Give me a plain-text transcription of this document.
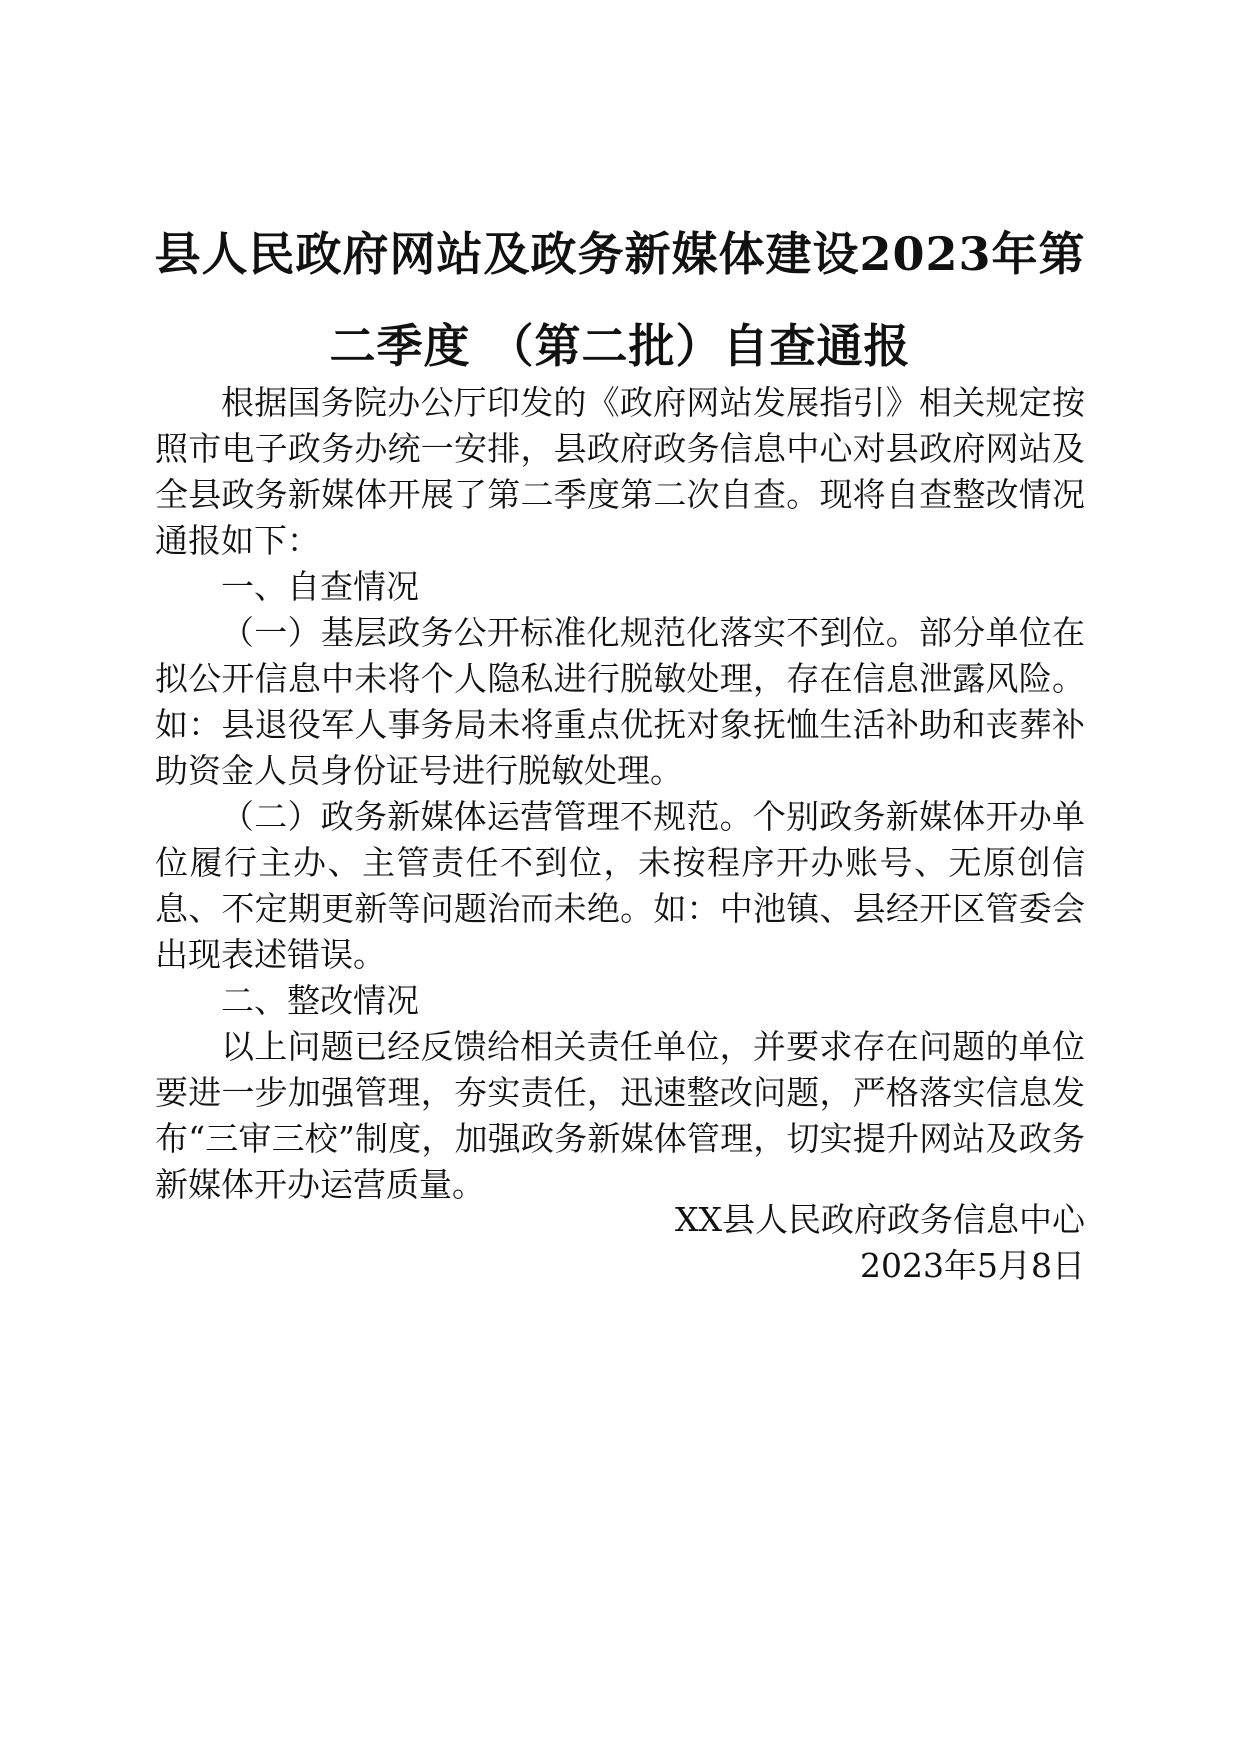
县人民政府网站及政务新媒体建设2023年第
二季度 （第二批）自查通报

根据国务院办公厅印发的《政府网站发展指引》相关规定按照市电子政务办统一安排，县政府政务信息中心对县政府网站及全县政务新媒体开展了第二季度第二次自查。现将自查整改情况通报如下：

一、自查情况

（一）基层政务公开标准化规范化落实不到位。部分单位在拟公开信息中未将个人隐私进行脱敏处理，存在信息泄露风险。如：县退役军人事务局未将重点优抚对象抚恤生活补助和丧葬补助资金人员身份证号进行脱敏处理。

（二）政务新媒体运营管理不规范。个别政务新媒体开办单位履行主办、主管责任不到位，未按程序开办账号、无原创信息、不定期更新等问题治而未绝。如：中池镇、县经开区管委会出现表述错误。

二、整改情况

以上问题已经反馈给相关责任单位，并要求存在问题的单位要进一步加强管理，夯实责任，迅速整改问题，严格落实信息发布“三审三校”制度，加强政务新媒体管理，切实提升网站及政务新媒体开办运营质量。

XX县人民政府政务信息中心
2023年5月8日
